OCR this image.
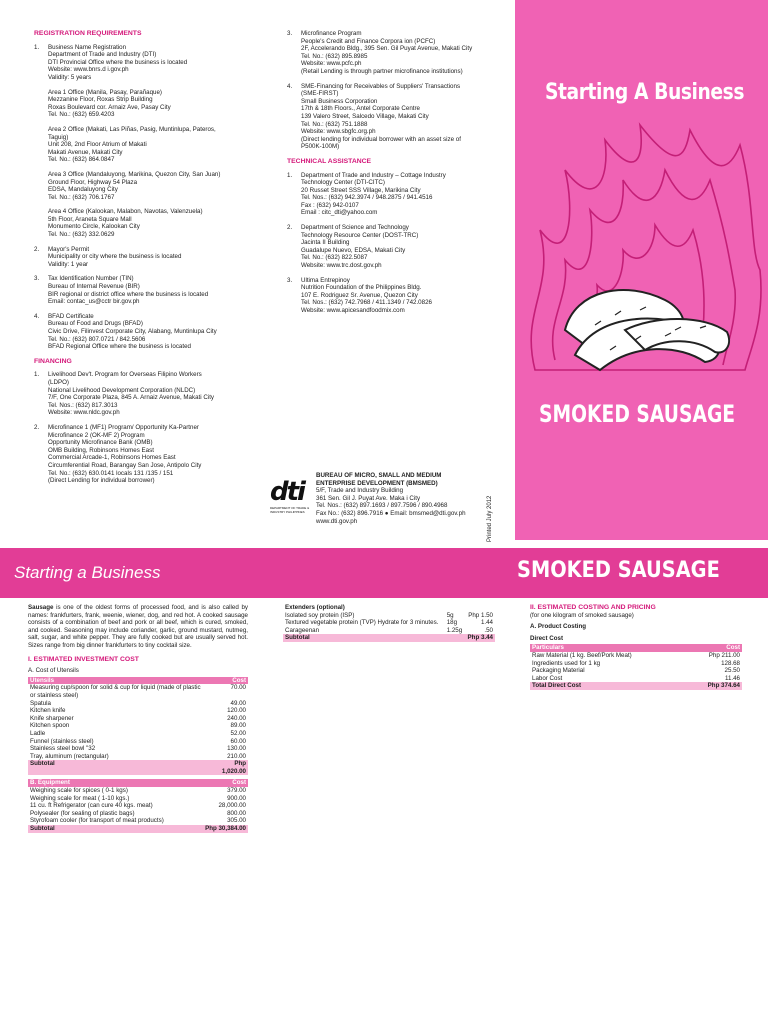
REGISTRATION REQUIREMENTS
1.	Business Name Registration
Department of Trade and Industry (DTI)
DTI Provincial Office where the business is located
Website: www.bnrs.d i.gov.ph
Validity: 5 years
Area 1 Office (Manila, Pasay, Parañaque)
Mezzanine Floor, Roxas Strip Building
Roxas Boulevard cor. Arnaiz Ave, Pasay City
Tel. No.: (632) 659.4203
Area 2 Office (Makati, Las Piñas, Pasig, Muntinlupa, Pateros,
Taguig)
Unit 208, 2nd Floor Atrium of Makati
Makati Avenue, Makati City
Tel. No.: (632) 864.0847
Area 3 Office (Mandaluyong, Marikina, Quezon City, San Juan)
Ground Floor, Highway 54 Plaza
EDSA, Mandaluyong City
Tel. No.: (632) 706.1767
Area 4 Office (Kalookan, Malabon, Navotas, Valenzuela)
5th Floor, Araneta Square Mall
Monumento Circle, Kalookan City
Tel. No.: (632) 332.0629
2.	Mayor's Permit
Municipality or city where the business is located
Validity: 1 year
3.	Tax Identification Number (TIN)
Bureau of Internal Revenue (BIR)
BIR regional or district office where the business is located
Email: contac_us@cctr bir.gov.ph
4.	BFAD Certificate
Bureau of Food and Drugs (BFAD)
Civic Drive, Filinvest Corporate City, Alabang, Muntinlupa City
Tel. No.: (632) 807.0721 / 842.5606
BFAD Regional Office where the business is located
FINANCING
1.	Livelihood Dev't. Program for Overseas Filipino Workers
(LDPO)
National Livelihood Development Corporation (NLDC)
7/F, One Corporate Plaza, 845 A. Arnaiz Avenue, Makati City
Tel. Nos.: (632) 817.3013
Website: www.nldc.gov.ph
2.	Microfinance 1 (MF1) Program/ Opportunity Ka-Partner
Microfinance 2 (OK-MF 2) Program
Opportunity Microfinance Bank (OMB)
OMB Building, Robinsons Homes East
Commercial Arcade-1, Robinsons Homes East
Circumferential Road, Barangay San Jose, Antipolo City
Tel. No.: (632) 630.0141 locals 131 /135 / 151
(Direct Lending for individual borrower)
3.	Microfinance Program
People's Credit and Finance Corpora ion (PCFC)
2F, Accelerando Bldg., 395 Sen. Gil Puyat Avenue, Makati City
Tel. No.: (632) 895.8985
Website: www.pcfc.ph
(Retail Lending is through partner microfinance institutions)
4.	SME-Financing for Receivables of Suppliers' Transactions
(SME-FIRST)
Small Business Corporation
17th & 18th Floors., Antel Corporate Centre
139 Valero Street, Salcedo Village, Makati City
Tel. No.: (632) 751.1888
Website: www.sbgfc.org.ph
(Direct lending for individual borrower with an asset size of
P500K-100M)
TECHNICAL ASSISTANCE
1.	Department of Trade and Industry – Cottage Industry
Technology Center (DTI-CITC)
20 Russet Street SSS Village, Marikina City
Tel. Nos.: (632) 942.3974 / 948.2875 / 941.4516
Fax : (632) 942-0107
Email : citc_dti@yahoo.com
2.	Department of Science and Technology
Technology Resource Center (DOST-TRC)
Jacinta II Building
Guadalupe Nuevo, EDSA, Makati City
Tel. No.: (632) 822.5087
Website: www.trc.dost.gov.ph
3.	Ultima Entrepinoy
Nutrition Foundation of the Philippines Bldg.
107 E. Rodriguez Sr. Avenue, Quezon City
Tel. Nos.: (632) 742.7968 / 411.1349 / 742.0826
Website: www.apicesandfoodmix.com
dti
DEPARTMENT OF TRADE & INDUSTRY PHILIPPINES
BUREAU OF MICRO, SMALL AND MEDIUM
ENTERPRISE DEVELOPMENT (BMSMED)
5/F, Trade and Industry Building
361 Sen. Gil J. Puyat Ave. Maka i City
Tel. Nos.: (632) 897.1693 / 897.7596 / 890.4968
Fax No.: (632) 896.7916 ● Email: bmsmed@dti.gov.ph
www.dti.gov.ph	Printed July 2012
Starting A Business
SMOKED SAUSAGE
Starting a Business	SMOKED SAUSAGE

Sausage is one of the oldest forms of processed food, and is also called by names: frankfurters, frank, weenie, wiener, dog, and red hot. A cooked sausage consists of a combination of beef and pork or all beef, which is cured, smoked, and cooked. Seasoning may include coriander, garlic, ground mustard, nutmeg, salt, sugar, and white pepper. They are fully cooked but are usually served hot. Sizes range from big dinner frankfurters to tiny cocktail size.

I. ESTIMATED INVESTMENT COST
A. Cost of Utensils
Utensils	Cost
Measuring cup/spoon for solid & cup for liquid (made of plastic or stainless steel)	70.00
Spatula	49.00
Kitchen knife	120.00
Knife sharpener	240.00
Kitchen spoon	89.00
Ladle	52.00
Funnel (stainless steel)	60.00
Stainless steel bowl "32	130.00
Tray, aluminum (rectangular)	210.00
Subtotal	Php 1,020.00
B. Equipment	Cost
Weighing scale for spices ( 0-1 kgs)	379.00
Weighing scale for meat ( 1-10 kgs.)	900.00
11 cu. ft Refrigerator (can cure 40 kgs. meat)	28,000.00
Polysealer (for sealing of plastic bags)	800.00
Styrofoam cooler (for transport of meat products)	305.00
Subtotal	Php 30,384.00
Extenders (optional)		
Isolated soy protein (ISP)	5g	Php 1.50
Textured vegetable protein (TVP) Hydrate for 3 minutes.	18g	1.44
Carageenan	1.25g	.50
Subtotal		Php 3.44
II. ESTIMATED COSTING AND PRICING
(for one kilogram of smoked sausage)
A. Product Costing
Direct Cost
Particulars	Cost
Raw Material (1 kg. Beef/Pork Meat)	Php 211.00
Ingredients used for 1 kg	128.68
Packaging Material	25.50
Labor Cost	11.46
Total Direct Cost	Php 374.64
